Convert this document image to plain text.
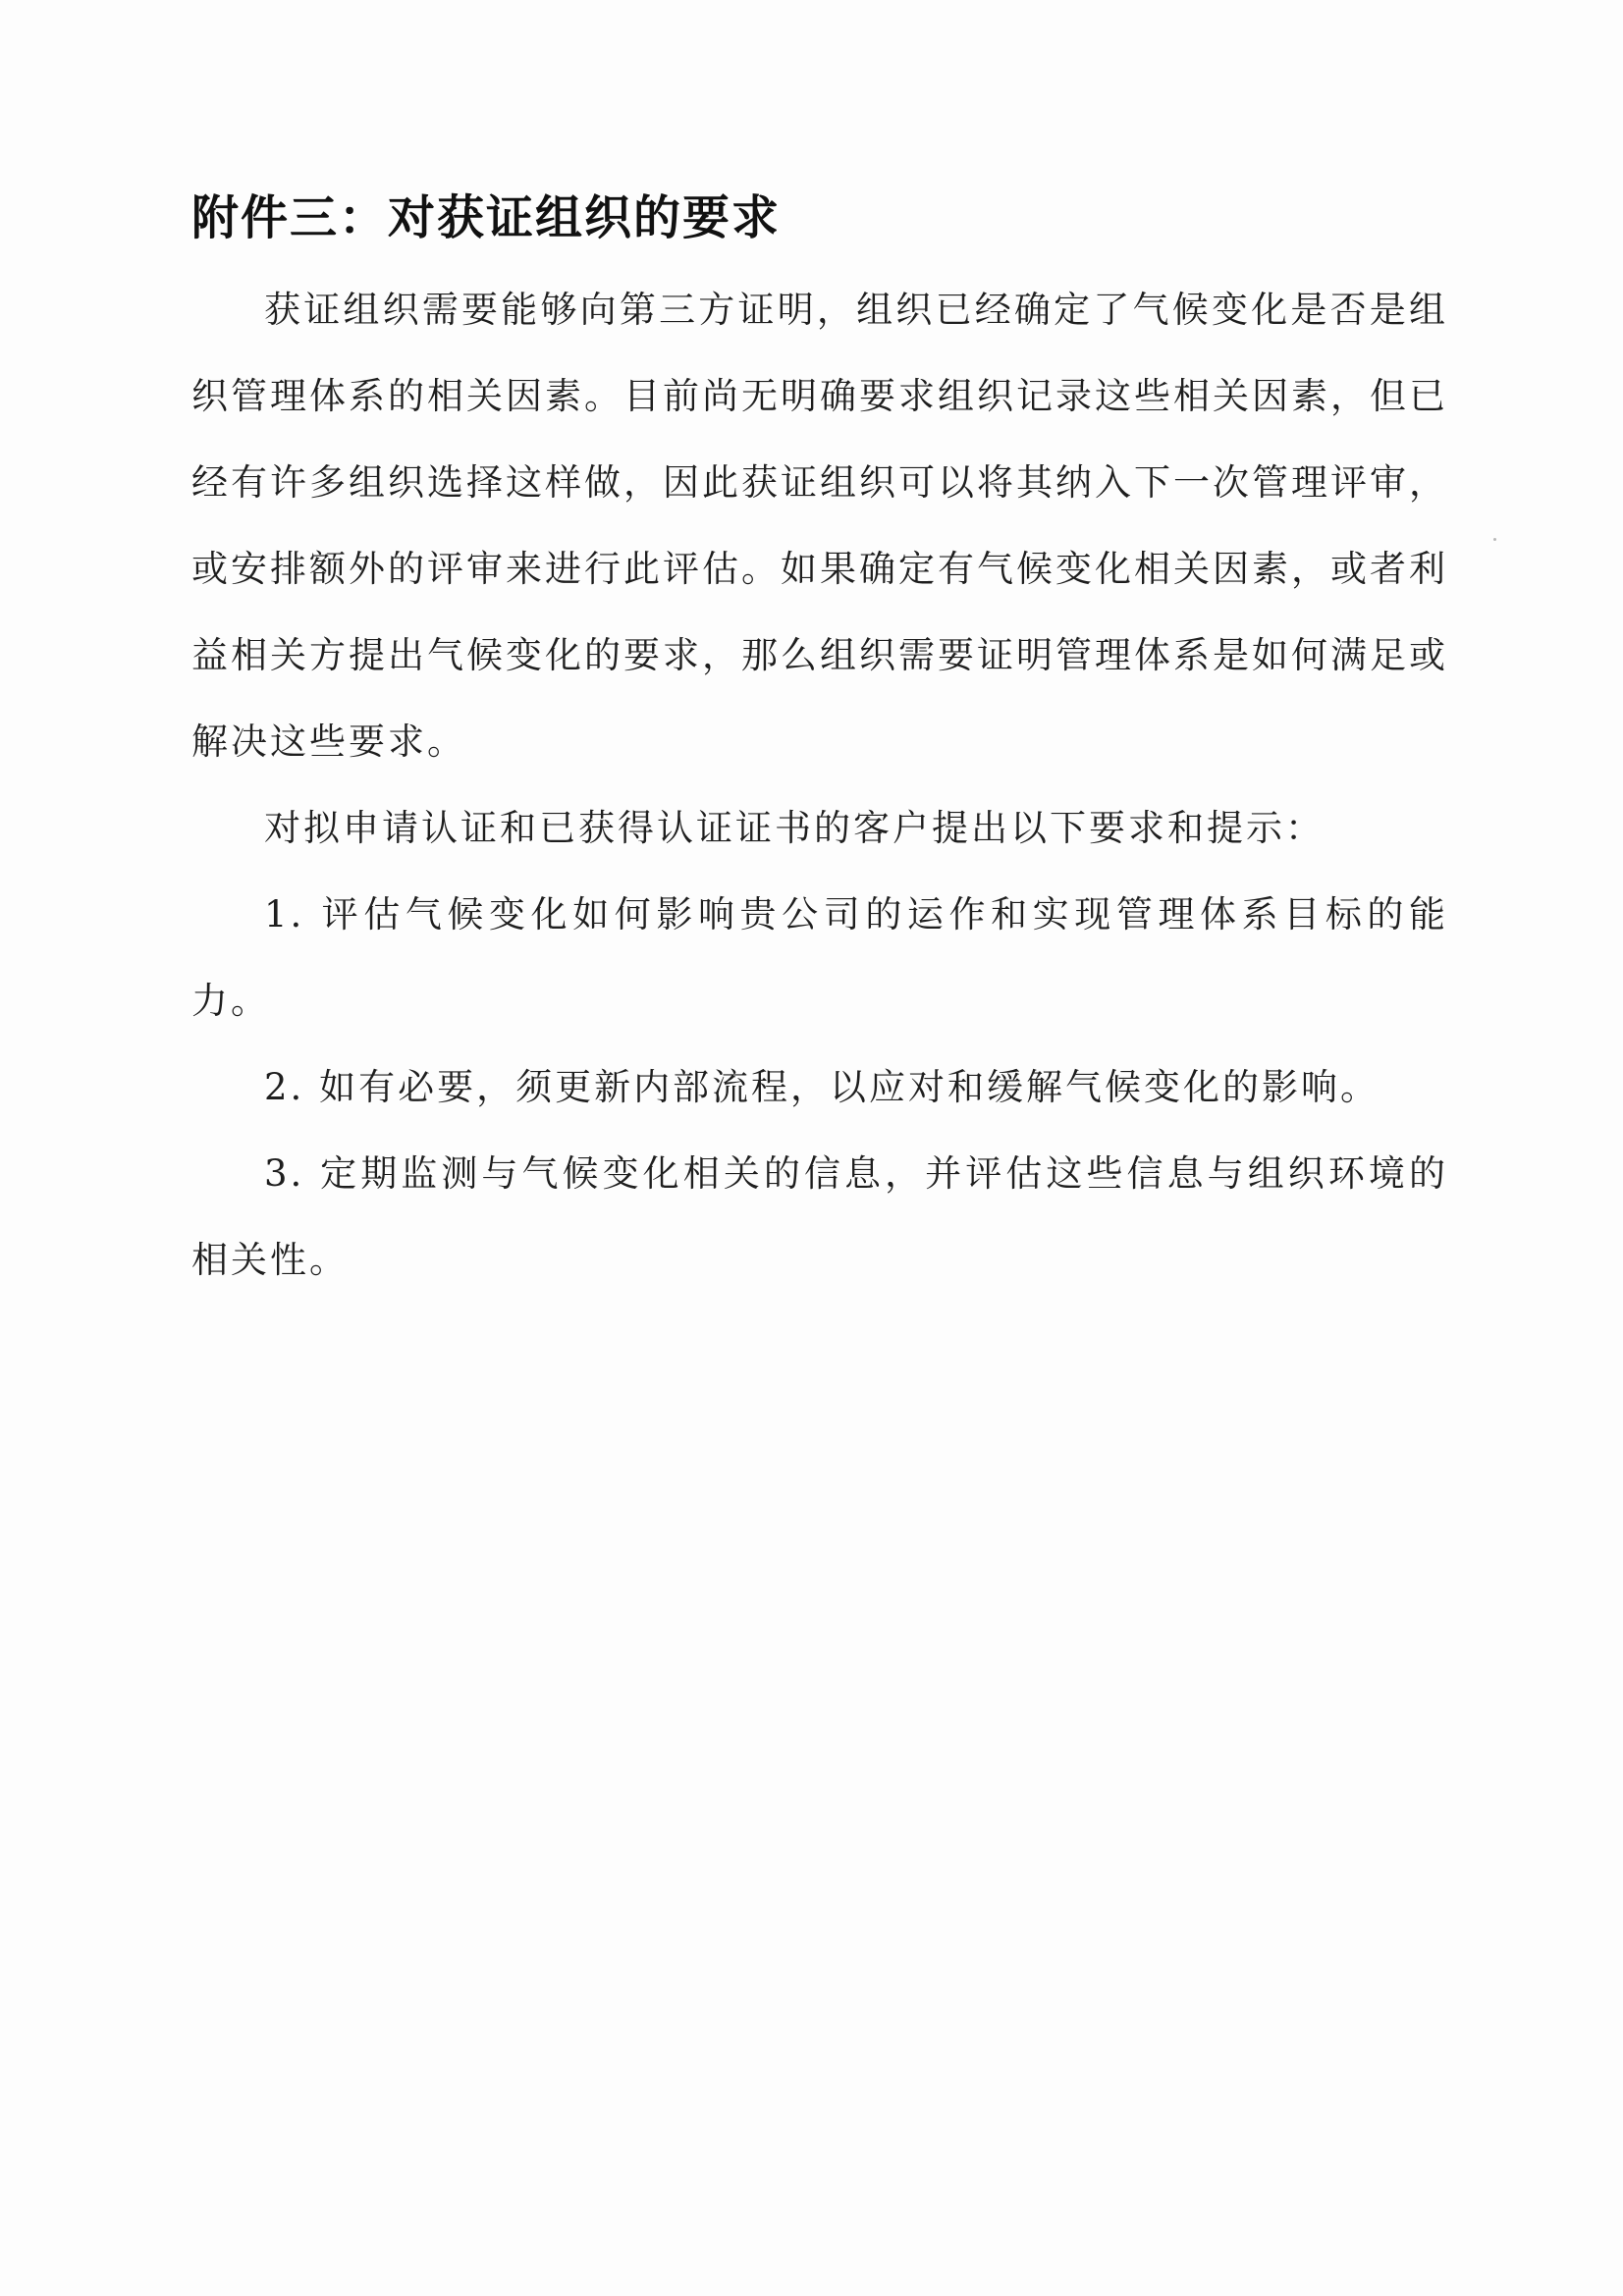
附件三：对获证组织的要求

获证组织需要能够向第三方证明，组织已经确定了气候变化是否是组织管理体系的相关因素。目前尚无明确要求组织记录这些相关因素，但已经有许多组织选择这样做，因此获证组织可以将其纳入下一次管理评审，或安排额外的评审来进行此评估。如果确定有气候变化相关因素，或者利益相关方提出气候变化的要求，那么组织需要证明管理体系是如何满足或解决这些要求。

对拟申请认证和已获得认证证书的客户提出以下要求和提示：

1. 评估气候变化如何影响贵公司的运作和实现管理体系目标的能力。

2. 如有必要，须更新内部流程，以应对和缓解气候变化的影响。

3. 定期监测与气候变化相关的信息，并评估这些信息与组织环境的相关性。
